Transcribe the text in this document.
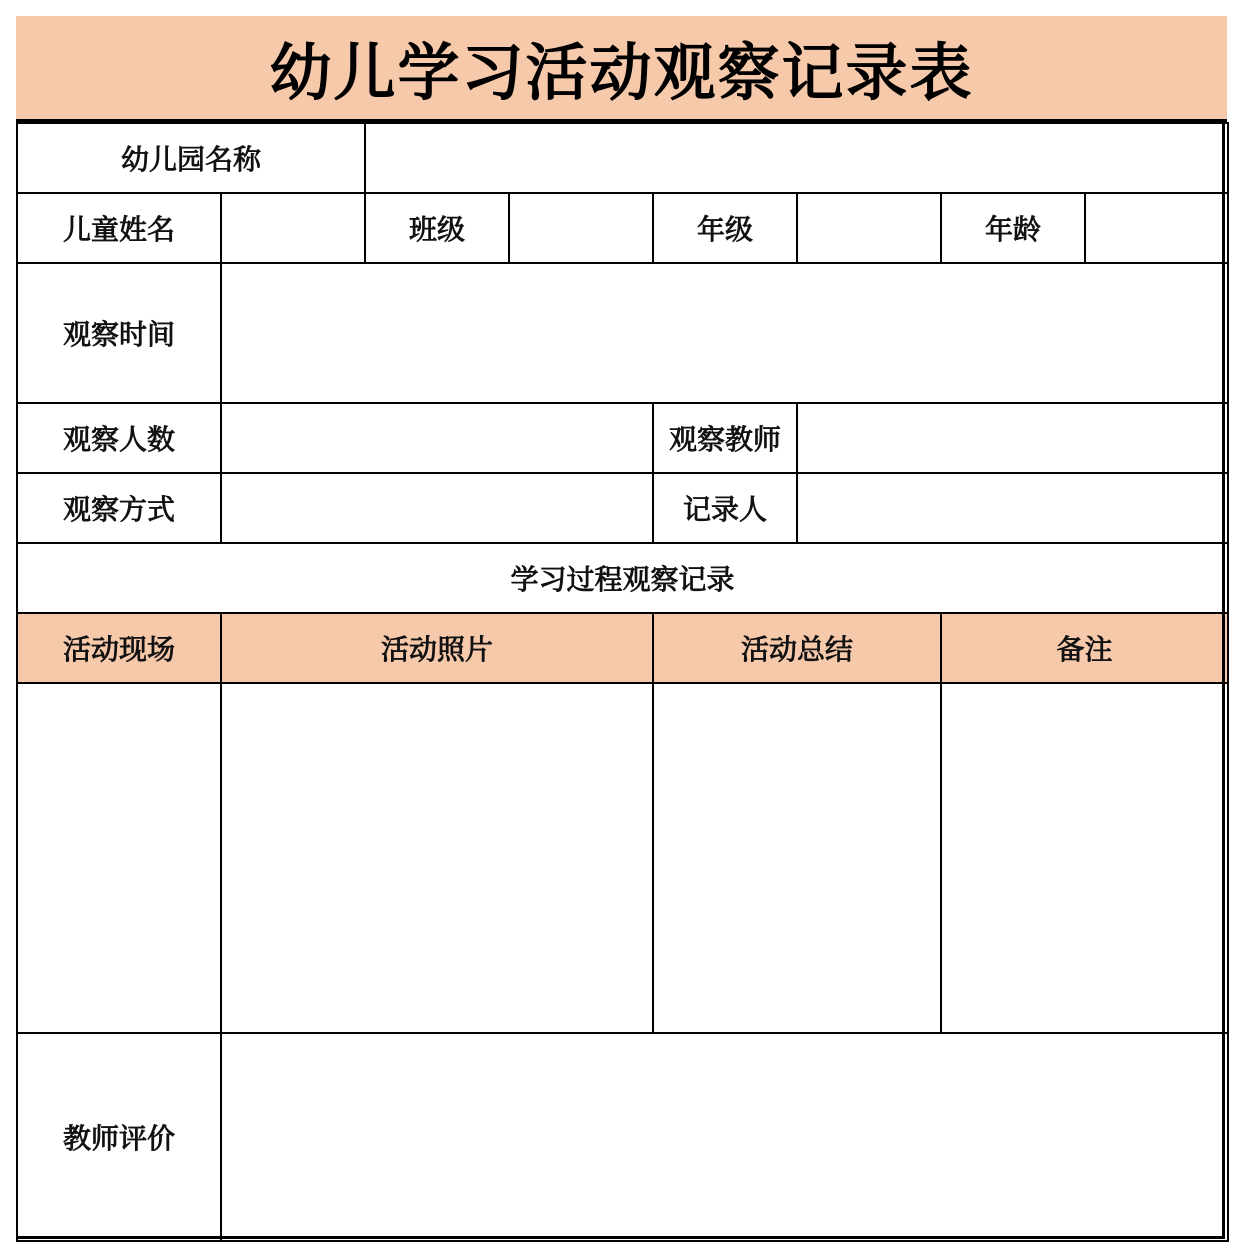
幼儿学习活动观察记录表
幼儿园名称							
儿童姓名		班级		年级		年龄	
观察时间							
观察人数				观察教师			
观察方式				记录人			
学习过程观察记录							
活动现场	活动照片			活动总结		备注	

教师评价							
